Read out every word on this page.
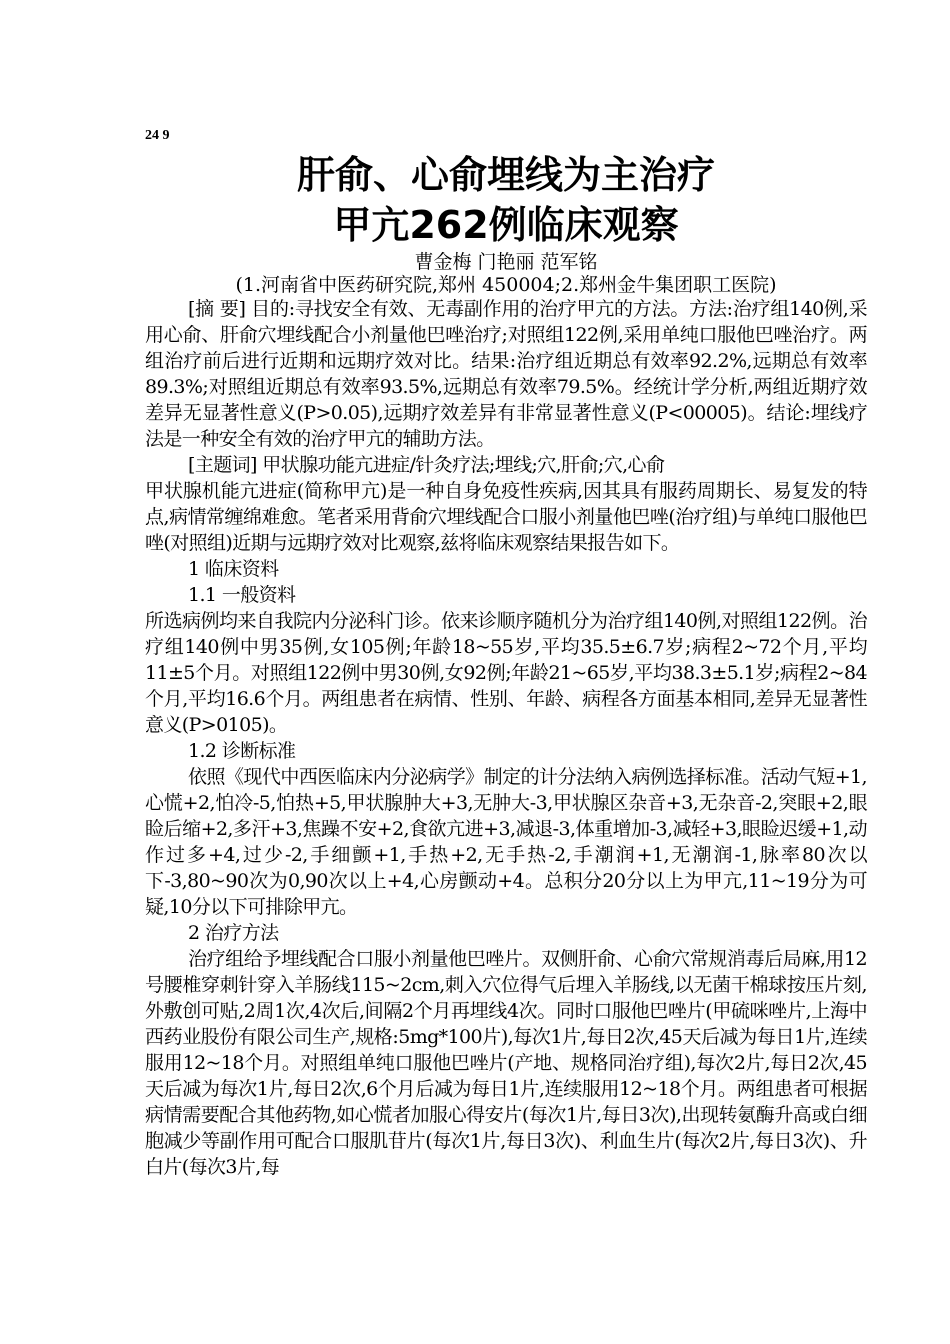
24 9
肝俞、心俞埋线为主治疗
甲亢262例临床观察
曹金梅 门艳丽 范军铭
(1.河南省中医药研究院,郑州 450004;2.郑州金牛集团职工医院)

[摘 要] 目的:寻找安全有效、无毒副作用的治疗甲亢的方法。方法:治疗组140例,采用心俞、肝俞穴埋线配合小剂量他巴唑治疗;对照组122例,采用单纯口服他巴唑治疗。两组治疗前后进行近期和远期疗效对比。结果:治疗组近期总有效率92.2%,远期总有效率89.3%;对照组近期总有效率93.5%,远期总有效率79.5%。经统计学分析,两组近期疗效差异无显著性意义(P>0.05),远期疗效差异有非常显著性意义(P<00005)。结论:埋线疗法是一种安全有效的治疗甲亢的辅助方法。

[主题词] 甲状腺功能亢进症/针灸疗法;埋线;穴,肝俞;穴,心俞

甲状腺机能亢进症(简称甲亢)是一种自身免疫性疾病,因其具有服药周期长、易复发的特点,病情常缠绵难愈。笔者采用背俞穴埋线配合口服小剂量他巴唑(治疗组)与单纯口服他巴唑(对照组)近期与远期疗效对比观察,兹将临床观察结果报告如下。

1 临床资料

1.1 一般资料

所选病例均来自我院内分泌科门诊。依来诊顺序随机分为治疗组140例,对照组122例。治疗组140例中男35例,女105例;年龄18~55岁,平均35.5±6.7岁;病程2~72个月,平均11±5个月。对照组122例中男30例,女92例;年龄21~65岁,平均38.3±5.1岁;病程2~84个月,平均16.6个月。两组患者在病情、性别、年龄、病程各方面基本相同,差异无显著性意义(P>0105)。

1.2 诊断标准

依照《现代中西医临床内分泌病学》制定的计分法纳入病例选择标准。活动气短+1,心慌+2,怕冷-5,怕热+5,甲状腺肿大+3,无肿大-3,甲状腺区杂音+3,无杂音-2,突眼+2,眼睑后缩+2,多汗+3,焦躁不安+2,食欲亢进+3,减退-3,体重增加-3,减轻+3,眼睑迟缓+1,动作过多+4,过少-2,手细颤+1,手热+2,无手热-2,手潮润+1,无潮润-1,脉率80次以下-3,80~90次为0,90次以上+4,心房颤动+4。总积分20分以上为甲亢,11~19分为可疑,10分以下可排除甲亢。

2 治疗方法

治疗组给予埋线配合口服小剂量他巴唑片。双侧肝俞、心俞穴常规消毒后局麻,用12号腰椎穿刺针穿入羊肠线115~2cm,刺入穴位得气后埋入羊肠线,以无菌干棉球按压片刻,外敷创可贴,2周1次,4次后,间隔2个月再埋线4次。同时口服他巴唑片(甲硫咪唑片,上海中西药业股份有限公司生产,规格:5mg*100片),每次1片,每日2次,45天后减为每日1片,连续服用12~18个月。对照组单纯口服他巴唑片(产地、规格同治疗组),每次2片,每日2次,45天后减为每次1片,每日2次,6个月后减为每日1片,连续服用12~18个月。两组患者可根据病情需要配合其他药物,如心慌者加服心得安片(每次1片,每日3次),出现转氨酶升高或白细胞减少等副作用可配合口服肌苷片(每次1片,每日3次)、利血生片(每次2片,每日3次)、升白片(每次3片,每
